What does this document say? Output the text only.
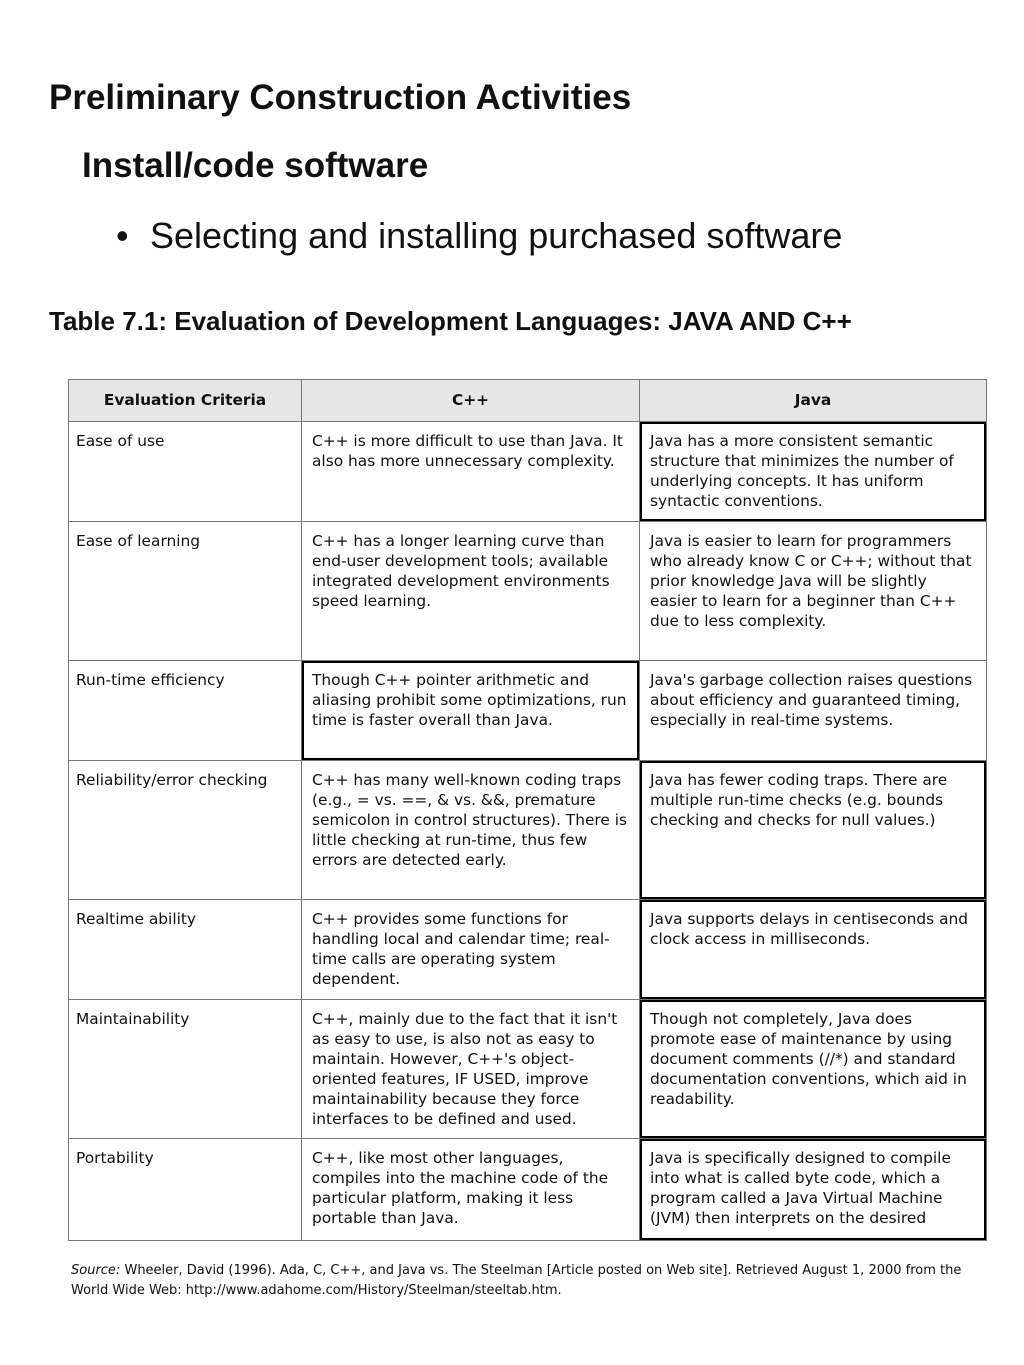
Preliminary Construction Activities
Install/code software
• Selecting and installing purchased software
Table 7.1: Evaluation of Development Languages: JAVA AND C++
Evaluation Criteria	C++	Java

Ease of use	C++ is more difficult to use than Java. It also has more unnecessary complexity.	Java has a more consistent semantic structure that minimizes the number of underlying concepts. It has uniform syntactic conventions.

Ease of learning	C++ has a longer learning curve than end-user development tools; available integrated development environments speed learning.	Java is easier to learn for programmers who already know C or C++; without that prior knowledge Java will be slightly easier to learn for a beginner than C++ due to less complexity.

Run-time efficiency	Though C++ pointer arithmetic and aliasing prohibit some optimizations, run time is faster overall than Java.	Java's garbage collection raises questions about efficiency and guaranteed timing, especially in real-time systems.

Reliability/error checking	C++ has many well-known coding traps (e.g., = vs. ==, & vs. &&, premature semicolon in control structures). There is little checking at run-time, thus few errors are detected early.	Java has fewer coding traps. There are multiple run-time checks (e.g. bounds checking and checks for null values.)

Realtime ability	C++ provides some functions for handling local and calendar time; real-time calls are operating system dependent.	Java supports delays in centiseconds and clock access in milliseconds.

Maintainability	C++, mainly due to the fact that it isn't as easy to use, is also not as easy to maintain. However, C++'s object-oriented features, IF USED, improve maintainability because they force interfaces to be defined and used.	Though not completely, Java does promote ease of maintenance by using document comments (//*) and standard documentation conventions, which aid in readability.

Portability	C++, like most other languages, compiles into the machine code of the particular platform, making it less portable than Java.	Java is specifically designed to compile into what is called byte code, which a program called a Java Virtual Machine (JVM) then interprets on the desired
Source: Wheeler, David (1996). Ada, C, C++, and Java vs. The Steelman [Article posted on Web site]. Retrieved August 1, 2000 from the World Wide Web: http://www.adahome.com/History/Steelman/steeltab.htm.
